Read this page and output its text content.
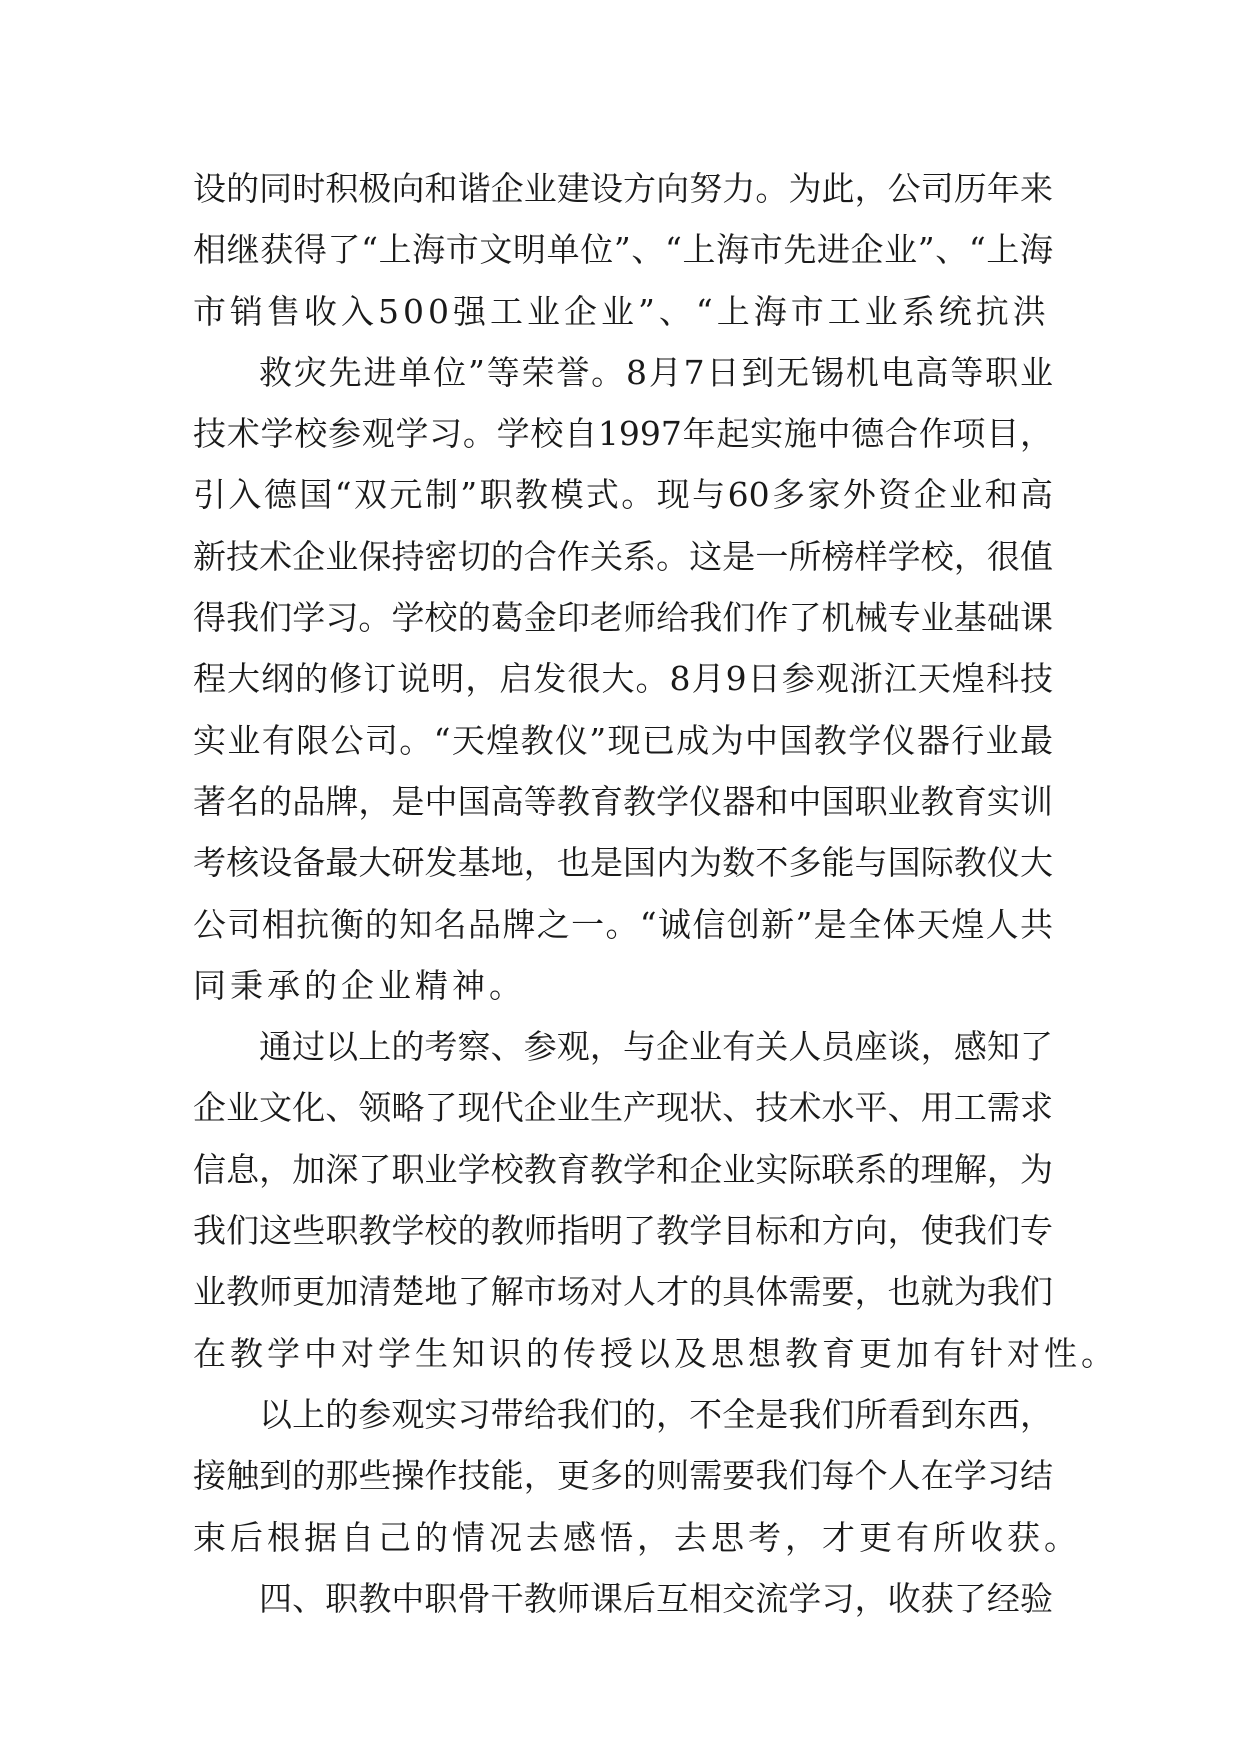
设的同时积极向和谐企业建设方向努力。为此，公司历年来
相继获得了“上海市文明单位”、“上海市先进企业”、“上海
市销售收入500强工业企业”、“上海市工业系统抗洪
救灾先进单位”等荣誉。8月7日到无锡机电高等职业
技术学校参观学习。学校自1997年起实施中德合作项目，
引入德国“双元制”职教模式。现与60多家外资企业和高
新技术企业保持密切的合作关系。这是一所榜样学校，很值
得我们学习。学校的葛金印老师给我们作了机械专业基础课
程大纲的修订说明，启发很大。8月9日参观浙江天煌科技
实业有限公司。“天煌教仪”现已成为中国教学仪器行业最
著名的品牌，是中国高等教育教学仪器和中国职业教育实训
考核设备最大研发基地，也是国内为数不多能与国际教仪大
公司相抗衡的知名品牌之一。“诚信创新”是全体天煌人共
同秉承的企业精神。
通过以上的考察、参观，与企业有关人员座谈，感知了
企业文化、领略了现代企业生产现状、技术水平、用工需求
信息，加深了职业学校教育教学和企业实际联系的理解，为
我们这些职教学校的教师指明了教学目标和方向，使我们专
业教师更加清楚地了解市场对人才的具体需要，也就为我们
在教学中对学生知识的传授以及思想教育更加有针对性。
以上的参观实习带给我们的，不全是我们所看到东西，
接触到的那些操作技能，更多的则需要我们每个人在学习结
束后根据自己的情况去感悟，去思考，才更有所收获。
四、职教中职骨干教师课后互相交流学习，收获了经验
